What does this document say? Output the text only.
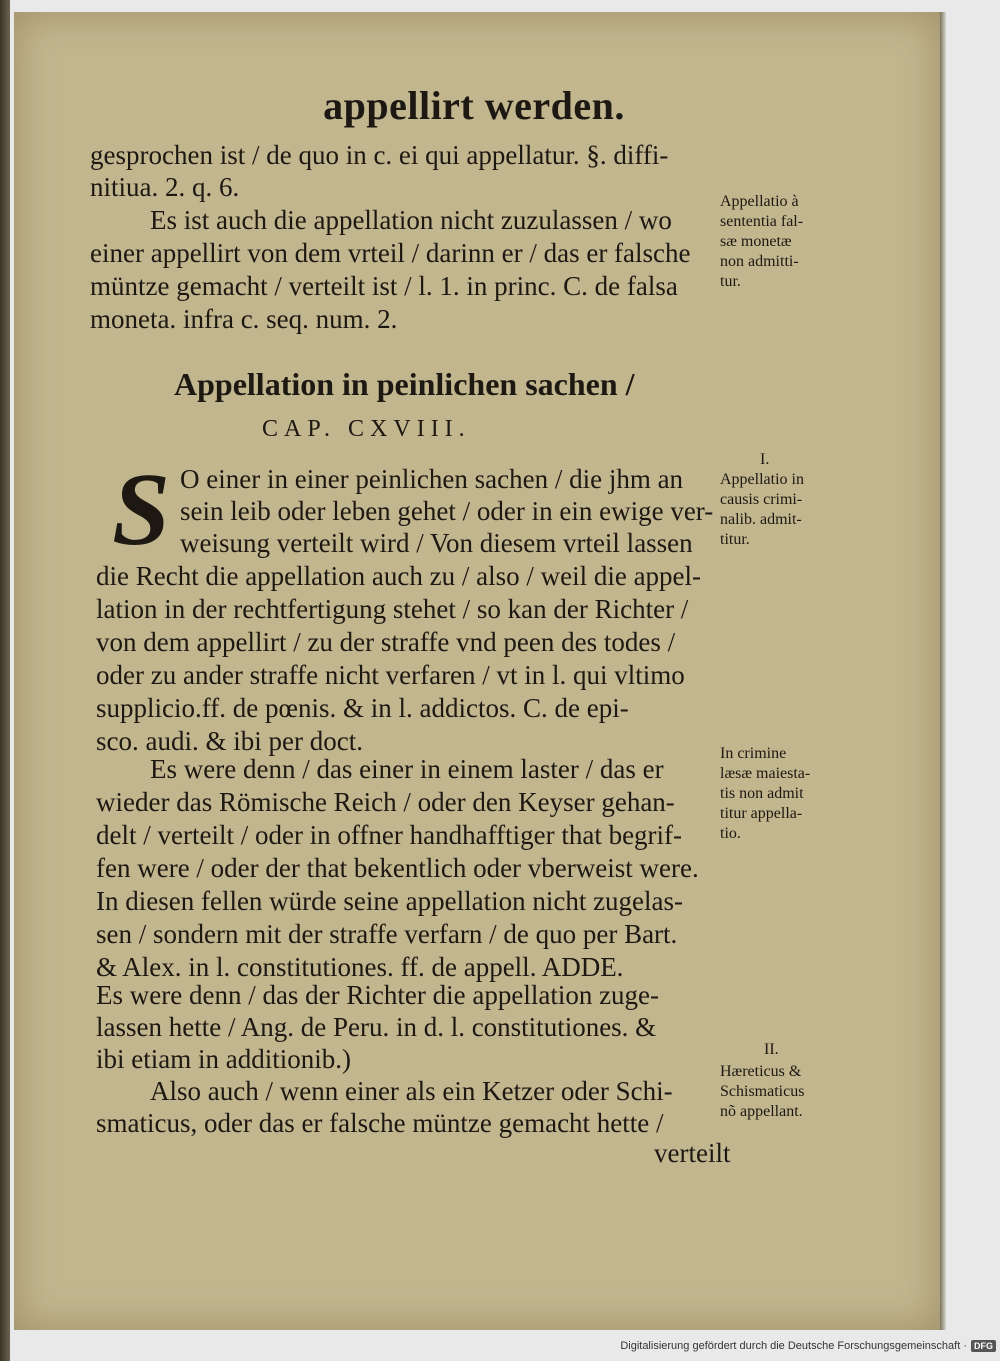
appellirt werden.
gesprochen ist / de quo in c. ei qui appellatur. §. diffi-
nitiua. 2. q. 6.
Es ist auch die appellation nicht zuzulassen / wo
einer appellirt von dem vrteil / darinn er / das er falsche
müntze gemacht / verteilt ist / l. 1. in princ. C. de falsa
moneta. infra c. seq. num. 2.
Appellation in peinlichen sachen /
CAP. CXVIII.
S O einer in einer peinlichen sachen / die jhm an
sein leib oder leben gehet / oder in ein ewige ver-
weisung verteilt wird / Von diesem vrteil lassen
die Recht die appellation auch zu / also / weil die appel-
lation in der rechtfertigung stehet / so kan der Richter /
von dem appellirt / zu der straffe vnd peen des todes /
oder zu ander straffe nicht verfaren / vt in l. qui vltimo
supplicio.ff. de pœnis. & in l. addictos. C. de epi-
sco. audi. & ibi per doct.
Es were denn / das einer in einem laster / das er
wieder das Römische Reich / oder den Keyser gehan-
delt / verteilt / oder in offner handhafftiger that begrif-
fen were / oder der that bekentlich oder vberweist were.
In diesen fellen würde seine appellation nicht zugelas-
sen / sondern mit der straffe verfarn / de quo per Bart.
& Alex. in l. constitutiones. ff. de appell. ADDE.
Es were denn / das der Richter die appellation zuge-
lassen hette / Ang. de Peru. in d. l. constitutiones. &
ibi etiam in additionib.)
Also auch / wenn einer als ein Ketzer oder Schi-
smaticus, oder das er falsche müntze gemacht hette /
verteilt
Appellatio à
sententia fal-
sæ monetæ
non admitti-
tur.
I.
Appellatio in
causis crimi-
nalib. admit-
titur.
In crimine
læsæ maiesta-
tis non admit
titur appella-
tio.
II.
Hæreticus &
Schismaticus
nõ appellant.
Digitalisierung gefördert durch die Deutsche Forschungsgemeinschaft · DFG
